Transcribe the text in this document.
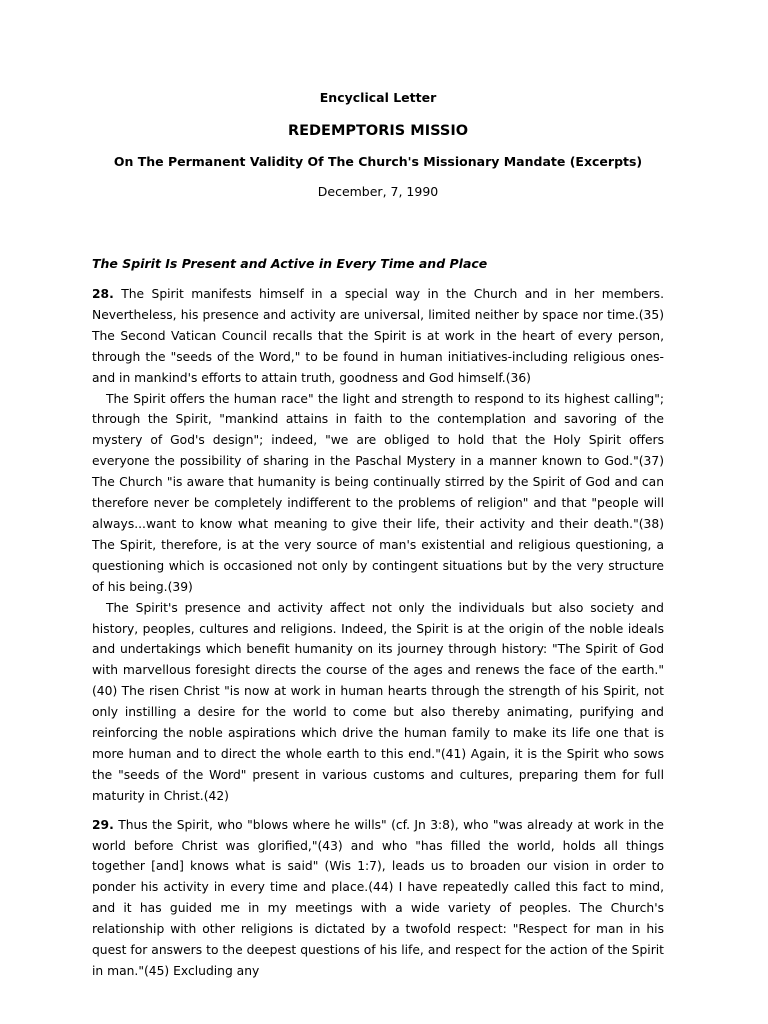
Encyclical Letter
REDEMPTORIS MISSIO
On The Permanent Validity Of The Church's Missionary Mandate (Excerpts)
December, 7, 1990
The Spirit Is Present and Active in Every Time and Place

28. The Spirit manifests himself in a special way in the Church and in her members. Nevertheless, his presence and activity are universal, limited neither by space nor time.(35) The Second Vatican Council recalls that the Spirit is at work in the heart of every person, through the "seeds of the Word," to be found in human initiatives-including religious ones-and in mankind's efforts to attain truth, goodness and God himself.(36)

The Spirit offers the human race" the light and strength to respond to its highest calling"; through the Spirit, "mankind attains in faith to the contemplation and savoring of the mystery of God's design"; indeed, "we are obliged to hold that the Holy Spirit offers everyone the possibility of sharing in the Paschal Mystery in a manner known to God."(37) The Church "is aware that humanity is being continually stirred by the Spirit of God and can therefore never be completely indifferent to the problems of religion" and that "people will always...want to know what meaning to give their life, their activity and their death."(38) The Spirit, therefore, is at the very source of man's existential and religious questioning, a questioning which is occasioned not only by contingent situations but by the very structure of his being.(39)

The Spirit's presence and activity affect not only the individuals but also society and history, peoples, cultures and religions. Indeed, the Spirit is at the origin of the noble ideals and undertakings which benefit humanity on its journey through history: "The Spirit of God with marvellous foresight directs the course of the ages and renews the face of the earth."(40) The risen Christ "is now at work in human hearts through the strength of his Spirit, not only instilling a desire for the world to come but also thereby animating, purifying and reinforcing the noble aspirations which drive the human family to make its life one that is more human and to direct the whole earth to this end."(41) Again, it is the Spirit who sows the "seeds of the Word" present in various customs and cultures, preparing them for full maturity in Christ.(42)

29. Thus the Spirit, who "blows where he wills" (cf. Jn 3:8), who "was already at work in the world before Christ was glorified,"(43) and who "has filled the world, holds all things together [and] knows what is said" (Wis 1:7), leads us to broaden our vision in order to ponder his activity in every time and place.(44) I have repeatedly called this fact to mind, and it has guided me in my meetings with a wide variety of peoples. The Church's relationship with other religions is dictated by a twofold respect: "Respect for man in his quest for answers to the deepest questions of his life, and respect for the action of the Spirit in man."(45) Excluding any
